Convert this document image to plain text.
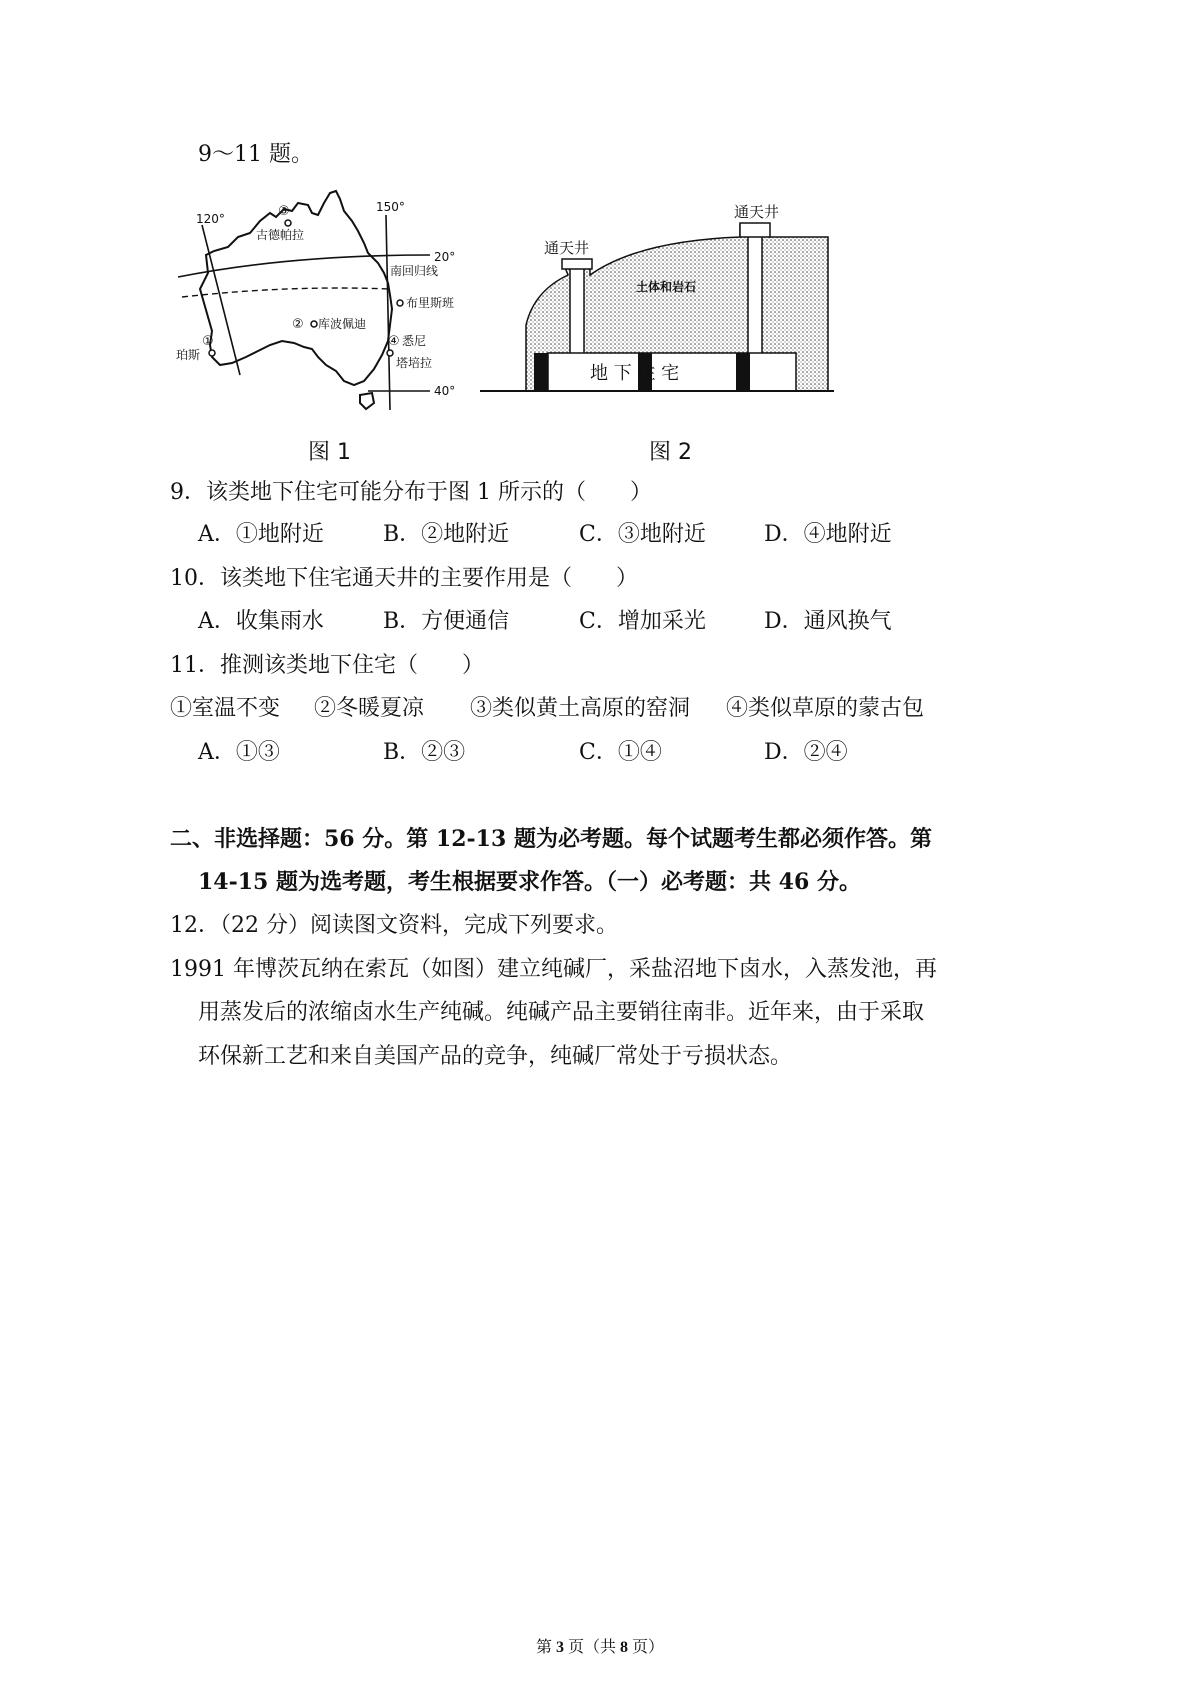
9～11 题。
120°
150°
20°
40°
③
古德帕拉
南回归线
布里斯班
② 库波佩迪
④ 悉尼
塔培拉
①
珀斯
通天井
通天井
土体和岩石
地 下 住 宅
图 1	图 2
9．该类地下住宅可能分布于图 1 所示的（　　）
A．①地附近	B．②地附近	C．③地附近	D．④地附近
10．该类地下住宅通天井的主要作用是（　　）
A．收集雨水	B．方便通信	C．增加采光	D．通风换气
11．推测该类地下住宅（　　）
①室温不变 ②冬暖夏凉 ③类似黄土高原的窑洞 ④类似草原的蒙古包
A．①③	B．②③	C．①④	D．②④
二、非选择题：56 分。第 12-13 题为必考题。每个试题考生都必须作答。第
14-15 题为选考题，考生根据要求作答。（一）必考题：共 46 分。
12．（22 分）阅读图文资料，完成下列要求。
1991 年博茨瓦纳在索瓦（如图）建立纯碱厂，采盐沼地下卤水，入蒸发池，再
用蒸发后的浓缩卤水生产纯碱。纯碱产品主要销往南非。近年来，由于采取
环保新工艺和来自美国产品的竞争，纯碱厂常处于亏损状态。
第 3 页（共 8 页）
